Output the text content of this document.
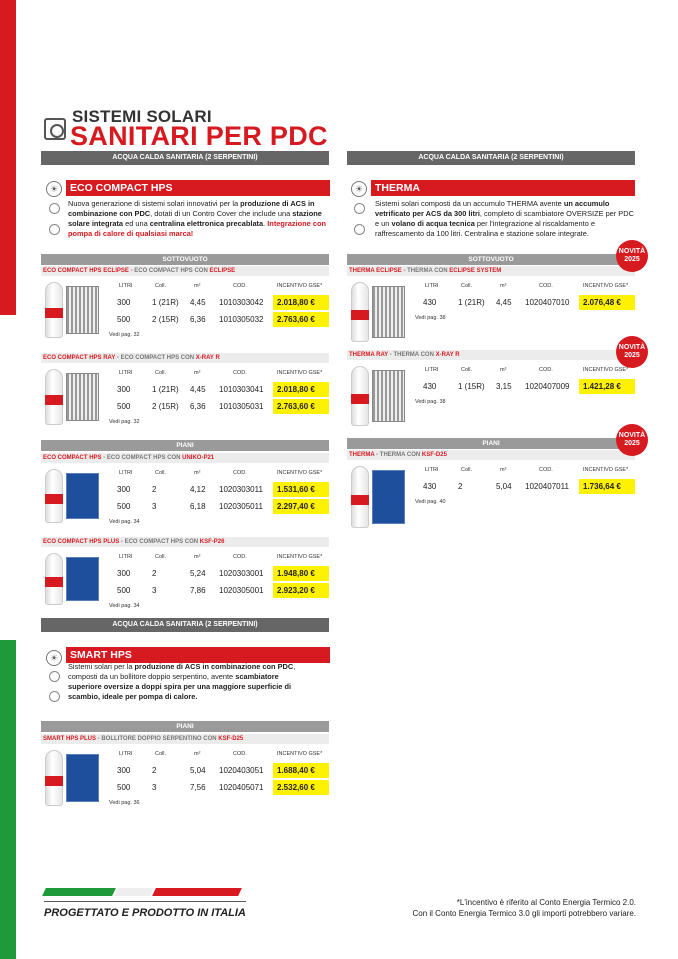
SISTEMI SOLARI
SANITARI PER PDC
ACQUA CALDA SANITARIA (2 SERPENTINI)
☀	ECO COMPACT HPS
Nuova generazione di sistemi solari innovativi per la produzione di ACS in combinazione con PDC, dotati di un Contro Cover che include una stazione solare integrata ed una centralina elettronica precablata. Integrazione con pompa di calore di qualsiasi marca!
SOTTOVUOTO
ECO COMPACT HPS ECLIPSE - ECO COMPACT HPS CON ECLIPSE
LITRI	Coll.	m²	COD.	INCENTIVO GSE*
300	1 (21R) 4,45 1010303042	2.018,80 €
500	2 (15R) 6,36 1010305032	2.763,60 €
Vedi pag. 32
ECO COMPACT HPS RAY - ECO COMPACT HPS CON X-RAY R
LITRI	Coll.	m²	COD.	INCENTIVO GSE*
300	1 (21R) 4,45 1010303041	2.018,80 €
500	2 (15R) 6,36 1010305031	2.763,60 €
Vedi pag. 32
ECO COMPACT HPS - ECO COMPACT HPS CON UNIKO-P21
LITRI	Coll.	m²	COD.	INCENTIVO GSE*
300	2	4,12 1020303011	1.531,60 €
500	3	6,18 1020305011	2.297,40 €
Vedi pag. 34
ECO COMPACT HPS PLUS - ECO COMPACT HPS CON KSF-P26
LITRI	Coll.	m²	COD.	INCENTIVO GSE*
300	2	5,24 1020303001	1.948,80 €
500	3	7,86 1020305001	2.923,20 €
Vedi pag. 34
SMART HPS PLUS - BOLLITORE DOPPIO SERPENTINO CON KSF-D25
LITRI	Coll.	m²	COD.	INCENTIVO GSE*
300	2	5,04 1020403051	1.688,40 €
500	3	7,56 1020405071	2.532,60 €
Vedi pag. 36
THERMA ECLIPSE - THERMA CON ECLIPSE SYSTEM
LITRI	Coll.	m²	COD.	INCENTIVO GSE*
430	1 (21R) 4,45 1020407010	2.076,48 €
Vedi pag. 38
THERMA RAY - THERMA CON X-RAY R
LITRI	Coll.	m²	COD.	INCENTIVO GSE*
430	1 (15R) 3,15 1020407009	1.421,28 €
Vedi pag. 38
THERMA - THERMA CON KSF-D25
LITRI	Coll.	m²	COD.	INCENTIVO GSE*
430	2	5,04 1020407011	1.736,64 €
Vedi pag. 40
PIANI
ACQUA CALDA SANITARIA (2 SERPENTINI)
☀	SMART HPS
Sistemi solari per la produzione di ACS in combinazione con PDC, composti da un bollitore doppio serpentino, avente scambiatore superiore oversize a doppi spira per una maggiore superficie di scambio, ideale per pompa di calore.
PIANI
ACQUA CALDA SANITARIA (2 SERPENTINI)
☀	THERMA
Sistemi solari composti da un accumulo THERMA avente un accumulo vetrificato per ACS da 300 litri, completo di scambiatore OVERSIZE per PDC e un volano di acqua tecnica per l'integrazione al riscaldamento e raffrescamento da 100 litri. Centralina e stazione solare integrate.
SOTTOVUOTO
PIANI
NOVITÀ
2025
NOVITÀ
2025
NOVITÀ
2025
PROGETTATO E PRODOTTO IN ITALIA
*L'incentivo è riferito al Conto Energia Termico 2.0.
Con il Conto Energia Termico 3.0 gli importi potrebbero variare.
